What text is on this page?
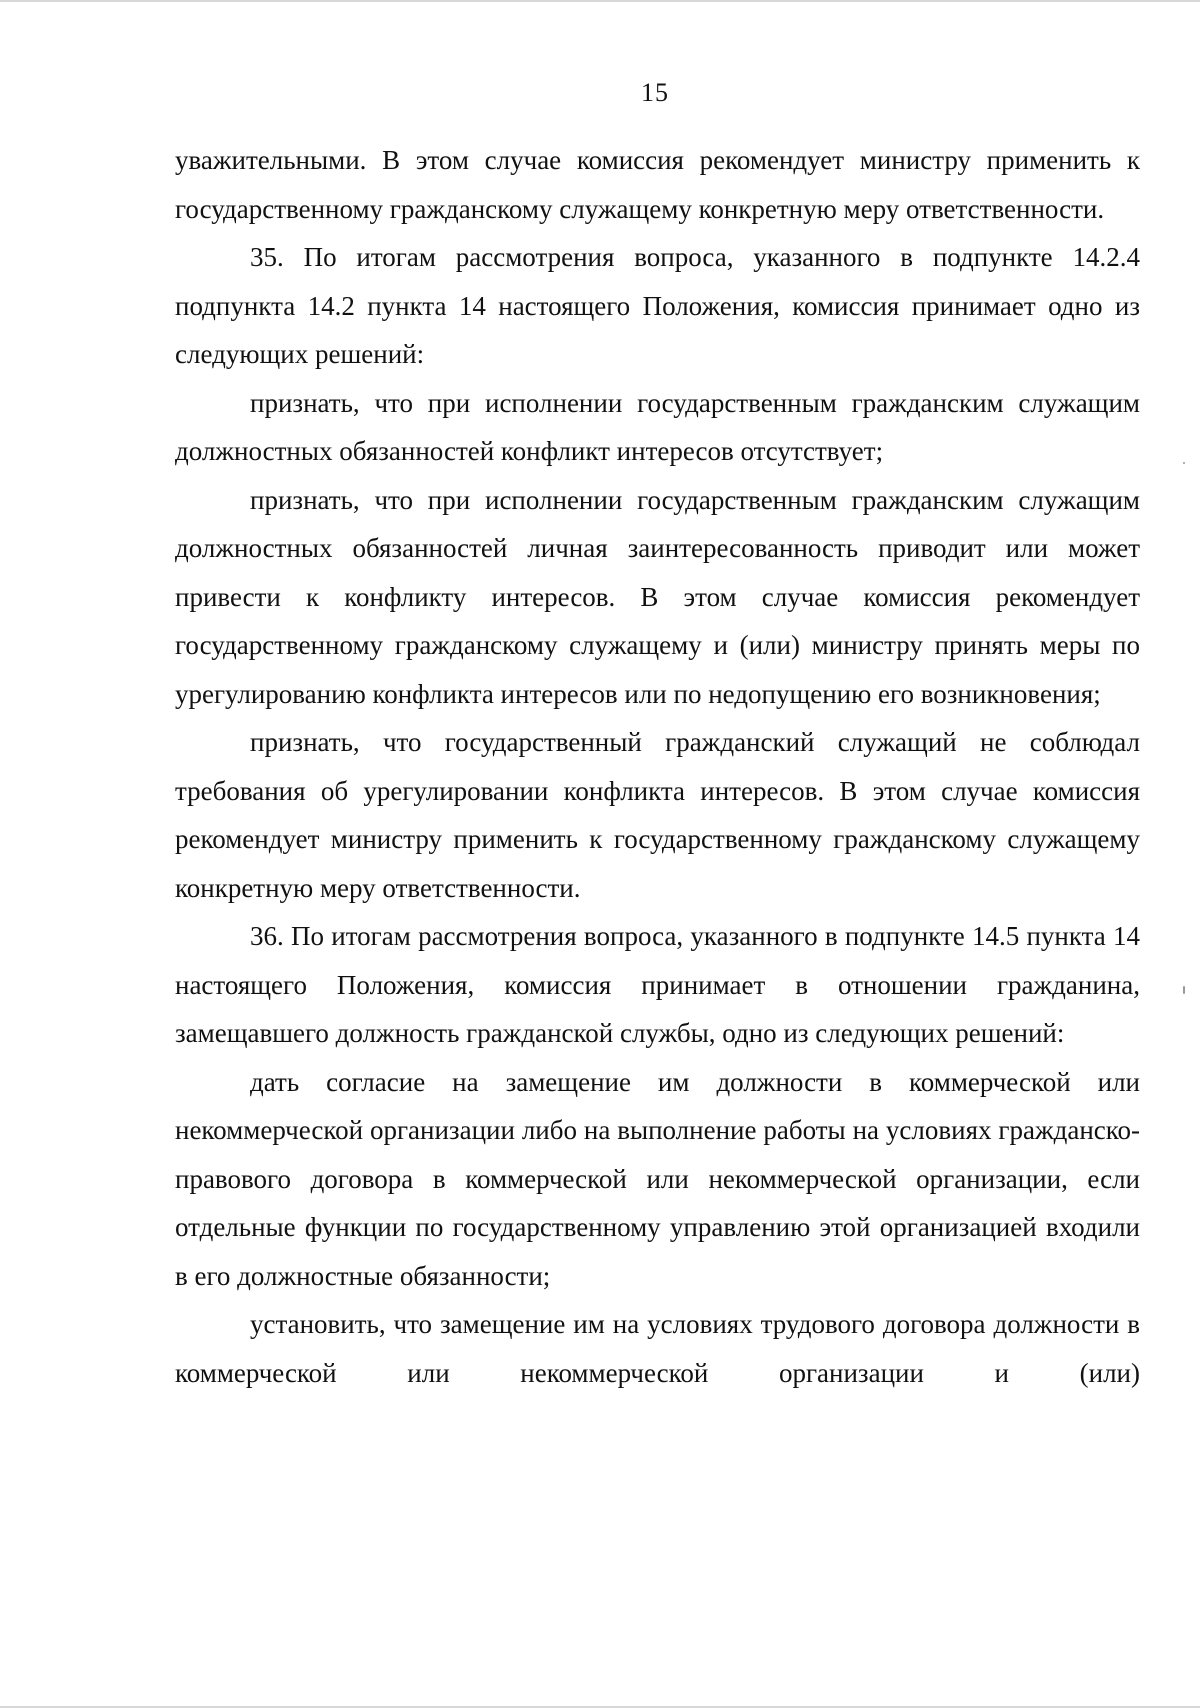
15

уважительными. В этом случае комиссия рекомендует министру применить к государственному гражданскому служащему конкретную меру ответственности.

35. По итогам рассмотрения вопроса, указанного в подпункте 14.2.4 подпункта 14.2 пункта 14 настоящего Положения, комиссия принимает одно из следующих решений:

признать, что при исполнении государственным гражданским служащим должностных обязанностей конфликт интересов отсутствует;

признать, что при исполнении государственным гражданским служащим должностных обязанностей личная заинтересованность приводит или может привести к конфликту интересов. В этом случае комиссия рекомендует государственному гражданскому служащему и (или) министру принять меры по урегулированию конфликта интересов или по недопущению его возникновения;

признать, что государственный гражданский служащий не соблюдал требования об урегулировании конфликта интересов. В этом случае комиссия рекомендует министру применить к государственному гражданскому служащему конкретную меру ответственности.

36. По итогам рассмотрения вопроса, указанного в подпункте 14.5 пункта 14 настоящего Положения, комиссия принимает в отношении гражданина, замещавшего должность гражданской службы, одно из следующих решений:

дать согласие на замещение им должности в коммерческой или некоммерческой организации либо на выполнение работы на условиях гражданско-правового договора в коммерческой или некоммерческой организации, если отдельные функции по государственному управлению этой организацией входили в его должностные обязанности;

установить, что замещение им на условиях трудового договора должности в коммерческой или некоммерческой организации и (или)
